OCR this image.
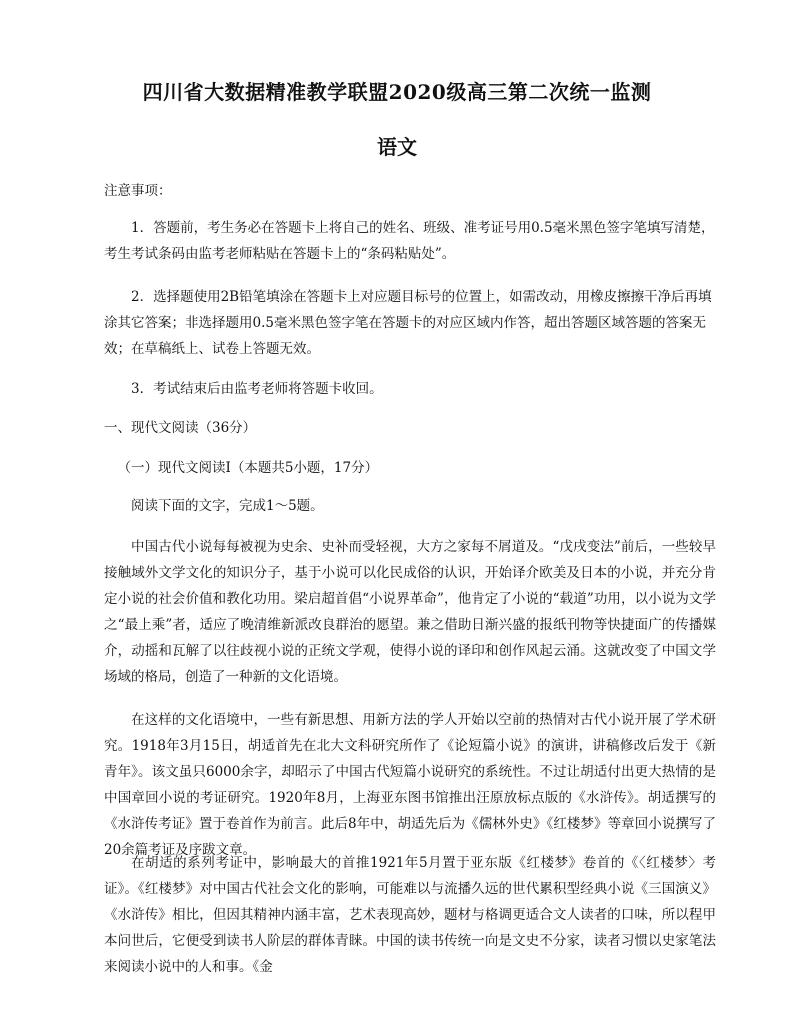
四川省大数据精准教学联盟2020级高三第二次统一监测
语文

注意事项：

1．答题前，考生务必在答题卡上将自己的姓名、班级、准考证号用0.5毫米黑色签字笔填写清楚，考生考试条码由监考老师粘贴在答题卡上的“条码粘贴处”。

2．选择题使用2B铅笔填涂在答题卡上对应题目标号的位置上，如需改动，用橡皮擦擦干净后再填涂其它答案；非选择题用0.5毫米黑色签字笔在答题卡的对应区域内作答，超出答题区域答题的答案无效；在草稿纸上、试卷上答题无效。

3．考试结束后由监考老师将答题卡收回。

一、现代文阅读（36分）

（一）现代文阅读I（本题共5小题，17分）

阅读下面的文字，完成1～5题。

中国古代小说每每被视为史余、史补而受轻视，大方之家每不屑道及。“戊戌变法”前后，一些较早接触域外文学文化的知识分子，基于小说可以化民成俗的认识，开始译介欧美及日本的小说，并充分肯定小说的社会价值和教化功用。梁启超首倡“小说界革命”，他肯定了小说的“载道”功用，以小说为文学之“最上乘”者，适应了晚清维新派改良群治的愿望。兼之借助日渐兴盛的报纸刊物等快捷面广的传播媒介，动摇和瓦解了以往歧视小说的正统文学观，使得小说的译印和创作风起云涌。这就改变了中国文学场域的格局，创造了一种新的文化语境。

在这样的文化语境中，一些有新思想、用新方法的学人开始以空前的热情对古代小说开展了学术研究。1918年3月15日，胡适首先在北大文科研究所作了《论短篇小说》的演讲，讲稿修改后发于《新青年》。该文虽只6000余字，却昭示了中国古代短篇小说研究的系统性。不过让胡适付出更大热情的是中国章回小说的考证研究。1920年8月，上海亚东图书馆推出汪原放标点版的《水浒传》。胡适撰写的《水浒传考证》置于卷首作为前言。此后8年中，胡适先后为《儒林外史》《红楼梦》等章回小说撰写了20余篇考证及序跋文章。

在胡适的系列考证中，影响最大的首推1921年5月置于亚东版《红楼梦》卷首的《〈红楼梦〉考证》。《红楼梦》对中国古代社会文化的影响，可能难以与流播久远的世代累积型经典小说《三国演义》《水浒传》相比，但因其精神内涵丰富，艺术表现高妙，题材与格调更适合文人读者的口味，所以程甲本问世后，它便受到读书人阶层的群体青睐。中国的读书传统一向是文史不分家，读者习惯以史家笔法来阅读小说中的人和事。《金
